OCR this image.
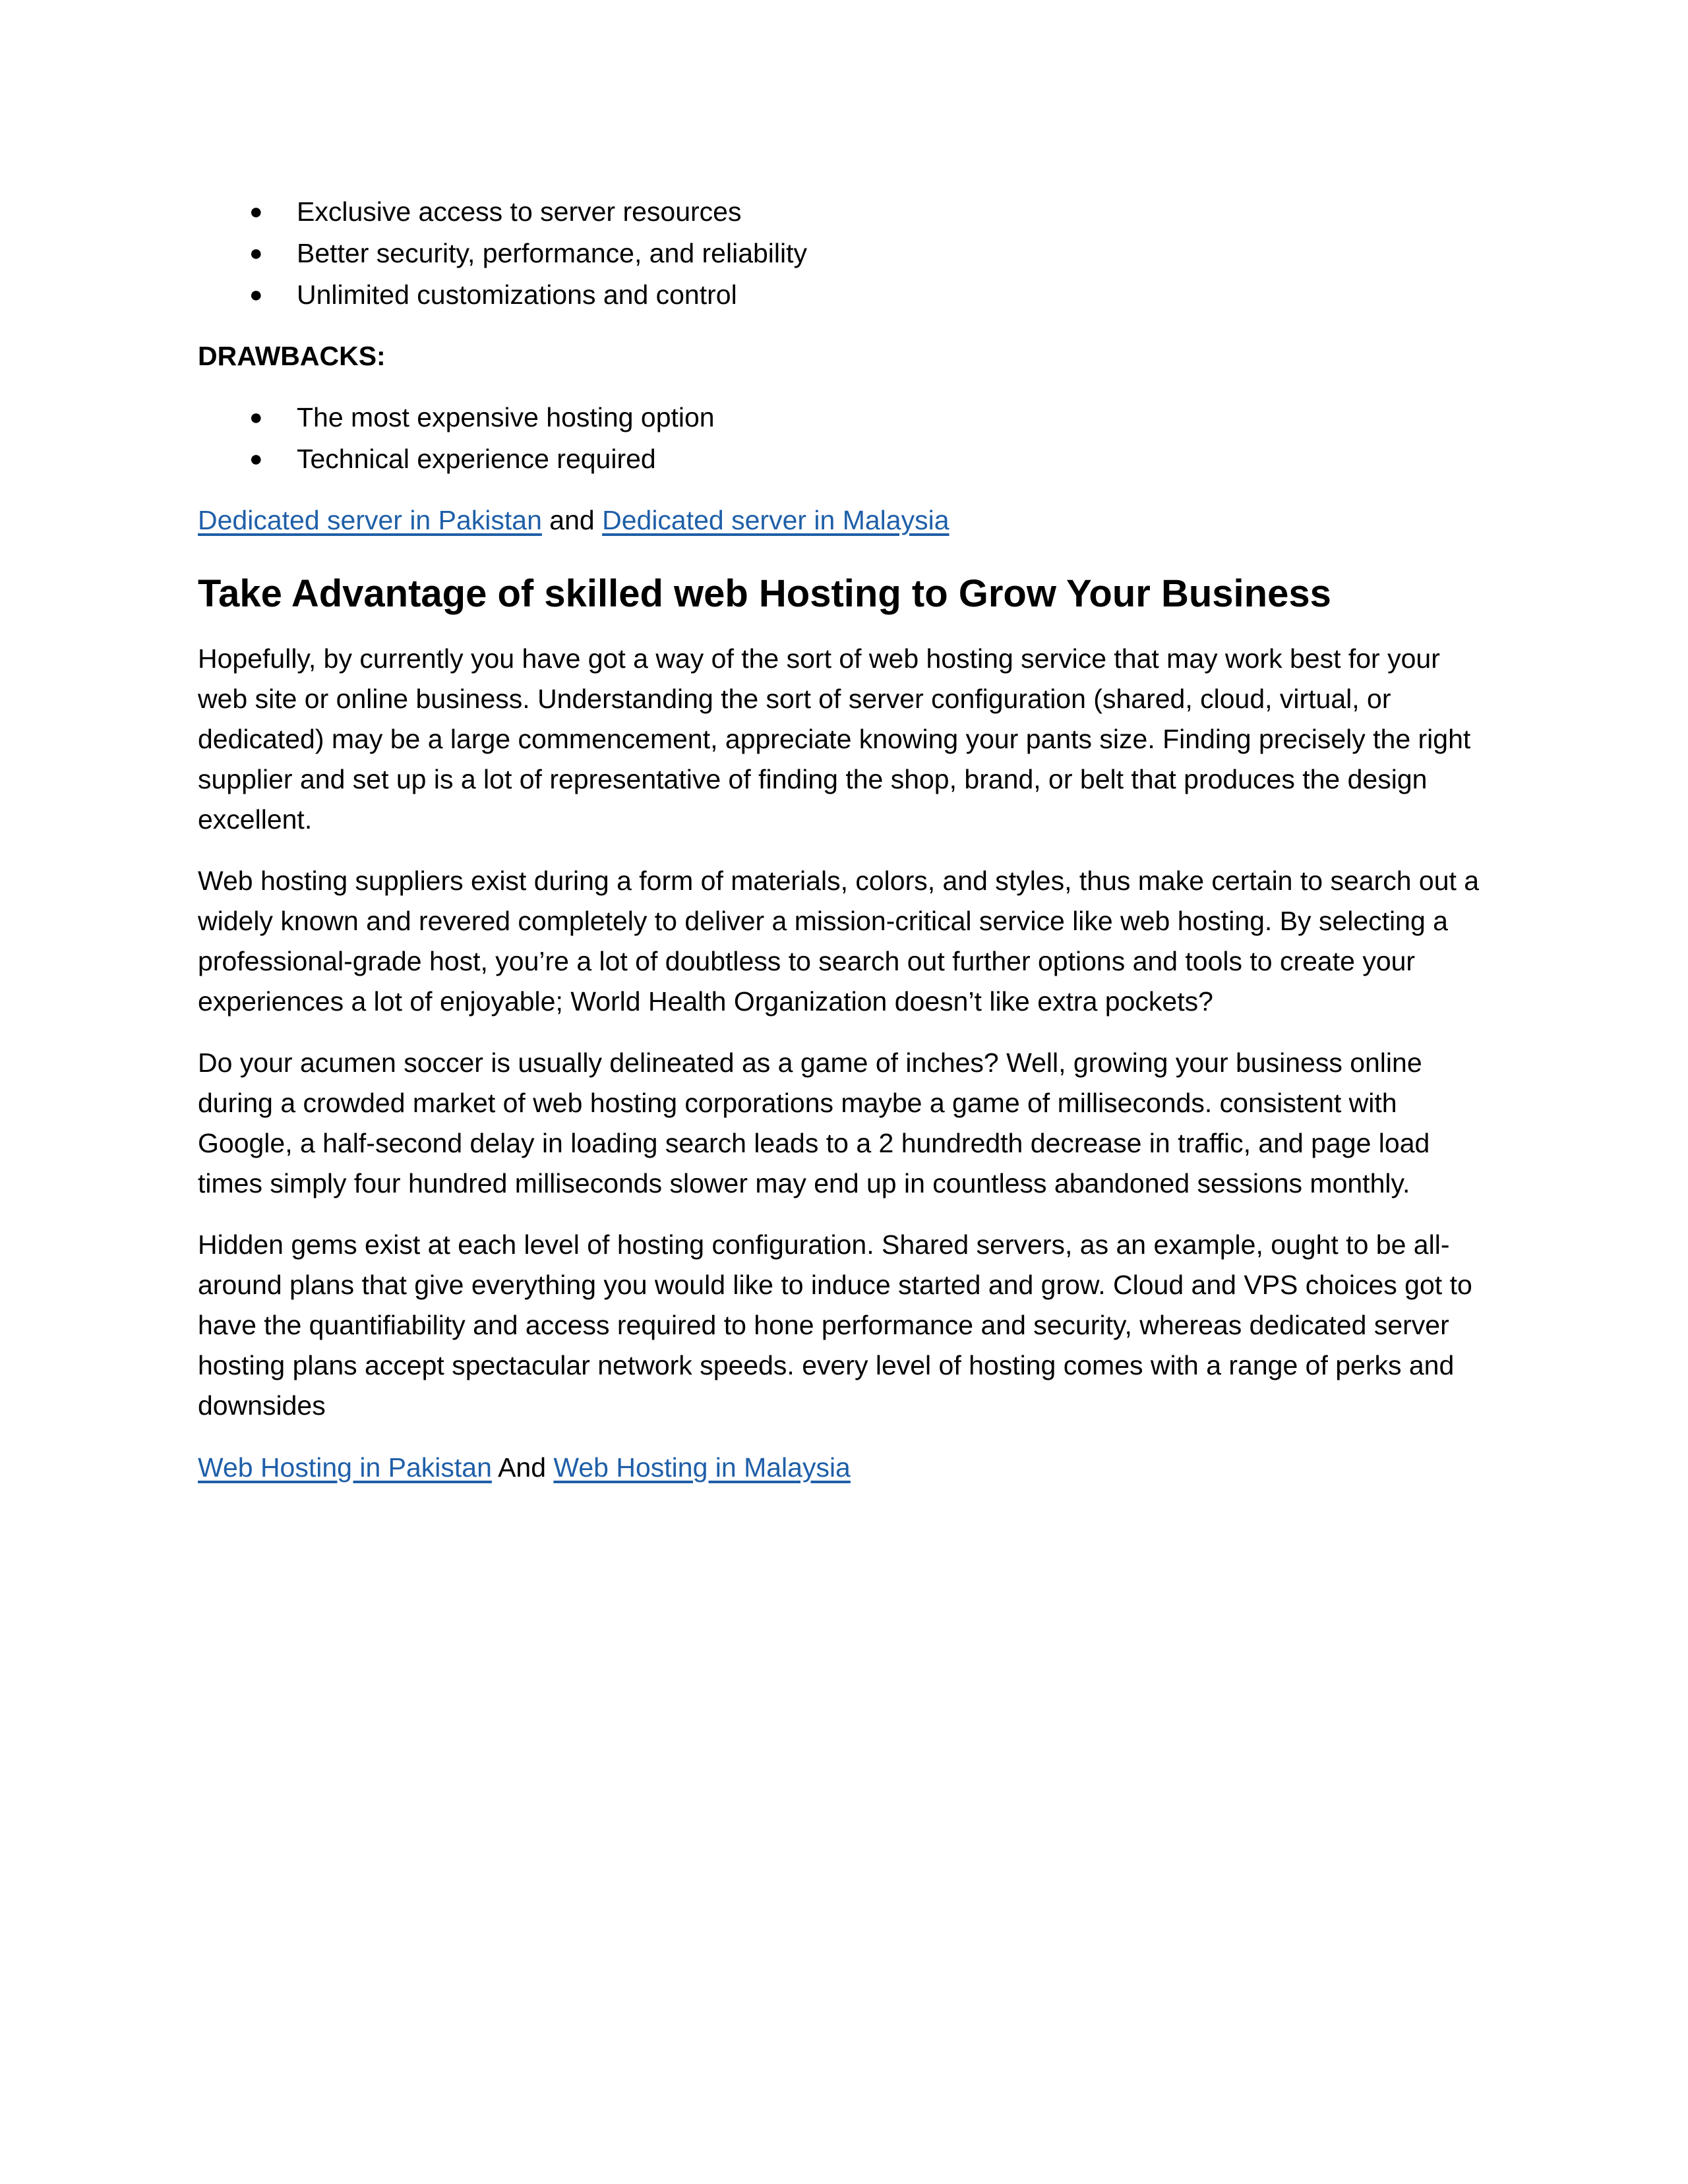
● Exclusive access to server resources
● Better security, performance, and reliability
● Unlimited customizations and control
DRAWBACKS:
● The most expensive hosting option
● Technical experience required
Dedicated server in Pakistan and Dedicated server in Malaysia
Take Advantage of skilled web Hosting to Grow Your Business

Hopefully, by currently you have got a way of the sort of web hosting service that may work best for your web site or online business. Understanding the sort of server configuration (shared, cloud, virtual, or dedicated) may be a large commencement, appreciate knowing your pants size. Finding precisely the right supplier and set up is a lot of representative of finding the shop, brand, or belt that produces the design excellent.

Web hosting suppliers exist during a form of materials, colors, and styles, thus make certain to search out a widely known and revered completely to deliver a mission-critical service like web hosting. By selecting a professional-grade host, you’re a lot of doubtless to search out further options and tools to create your experiences a lot of enjoyable; World Health Organization doesn’t like extra pockets?

Do your acumen soccer is usually delineated as a game of inches? Well, growing your business online during a crowded market of web hosting corporations maybe a game of milliseconds. consistent with Google, a half-second delay in loading search leads to a 2 hundredth decrease in traffic, and page load times simply four hundred milliseconds slower may end up in countless abandoned sessions monthly.

Hidden gems exist at each level of hosting configuration. Shared servers, as an example, ought to be all-around plans that give everything you would like to induce started and grow. Cloud and VPS choices got to have the quantifiability and access required to hone performance and security, whereas dedicated server hosting plans accept spectacular network speeds. every level of hosting comes with a range of perks and downsides

Web Hosting in Pakistan And Web Hosting in Malaysia
